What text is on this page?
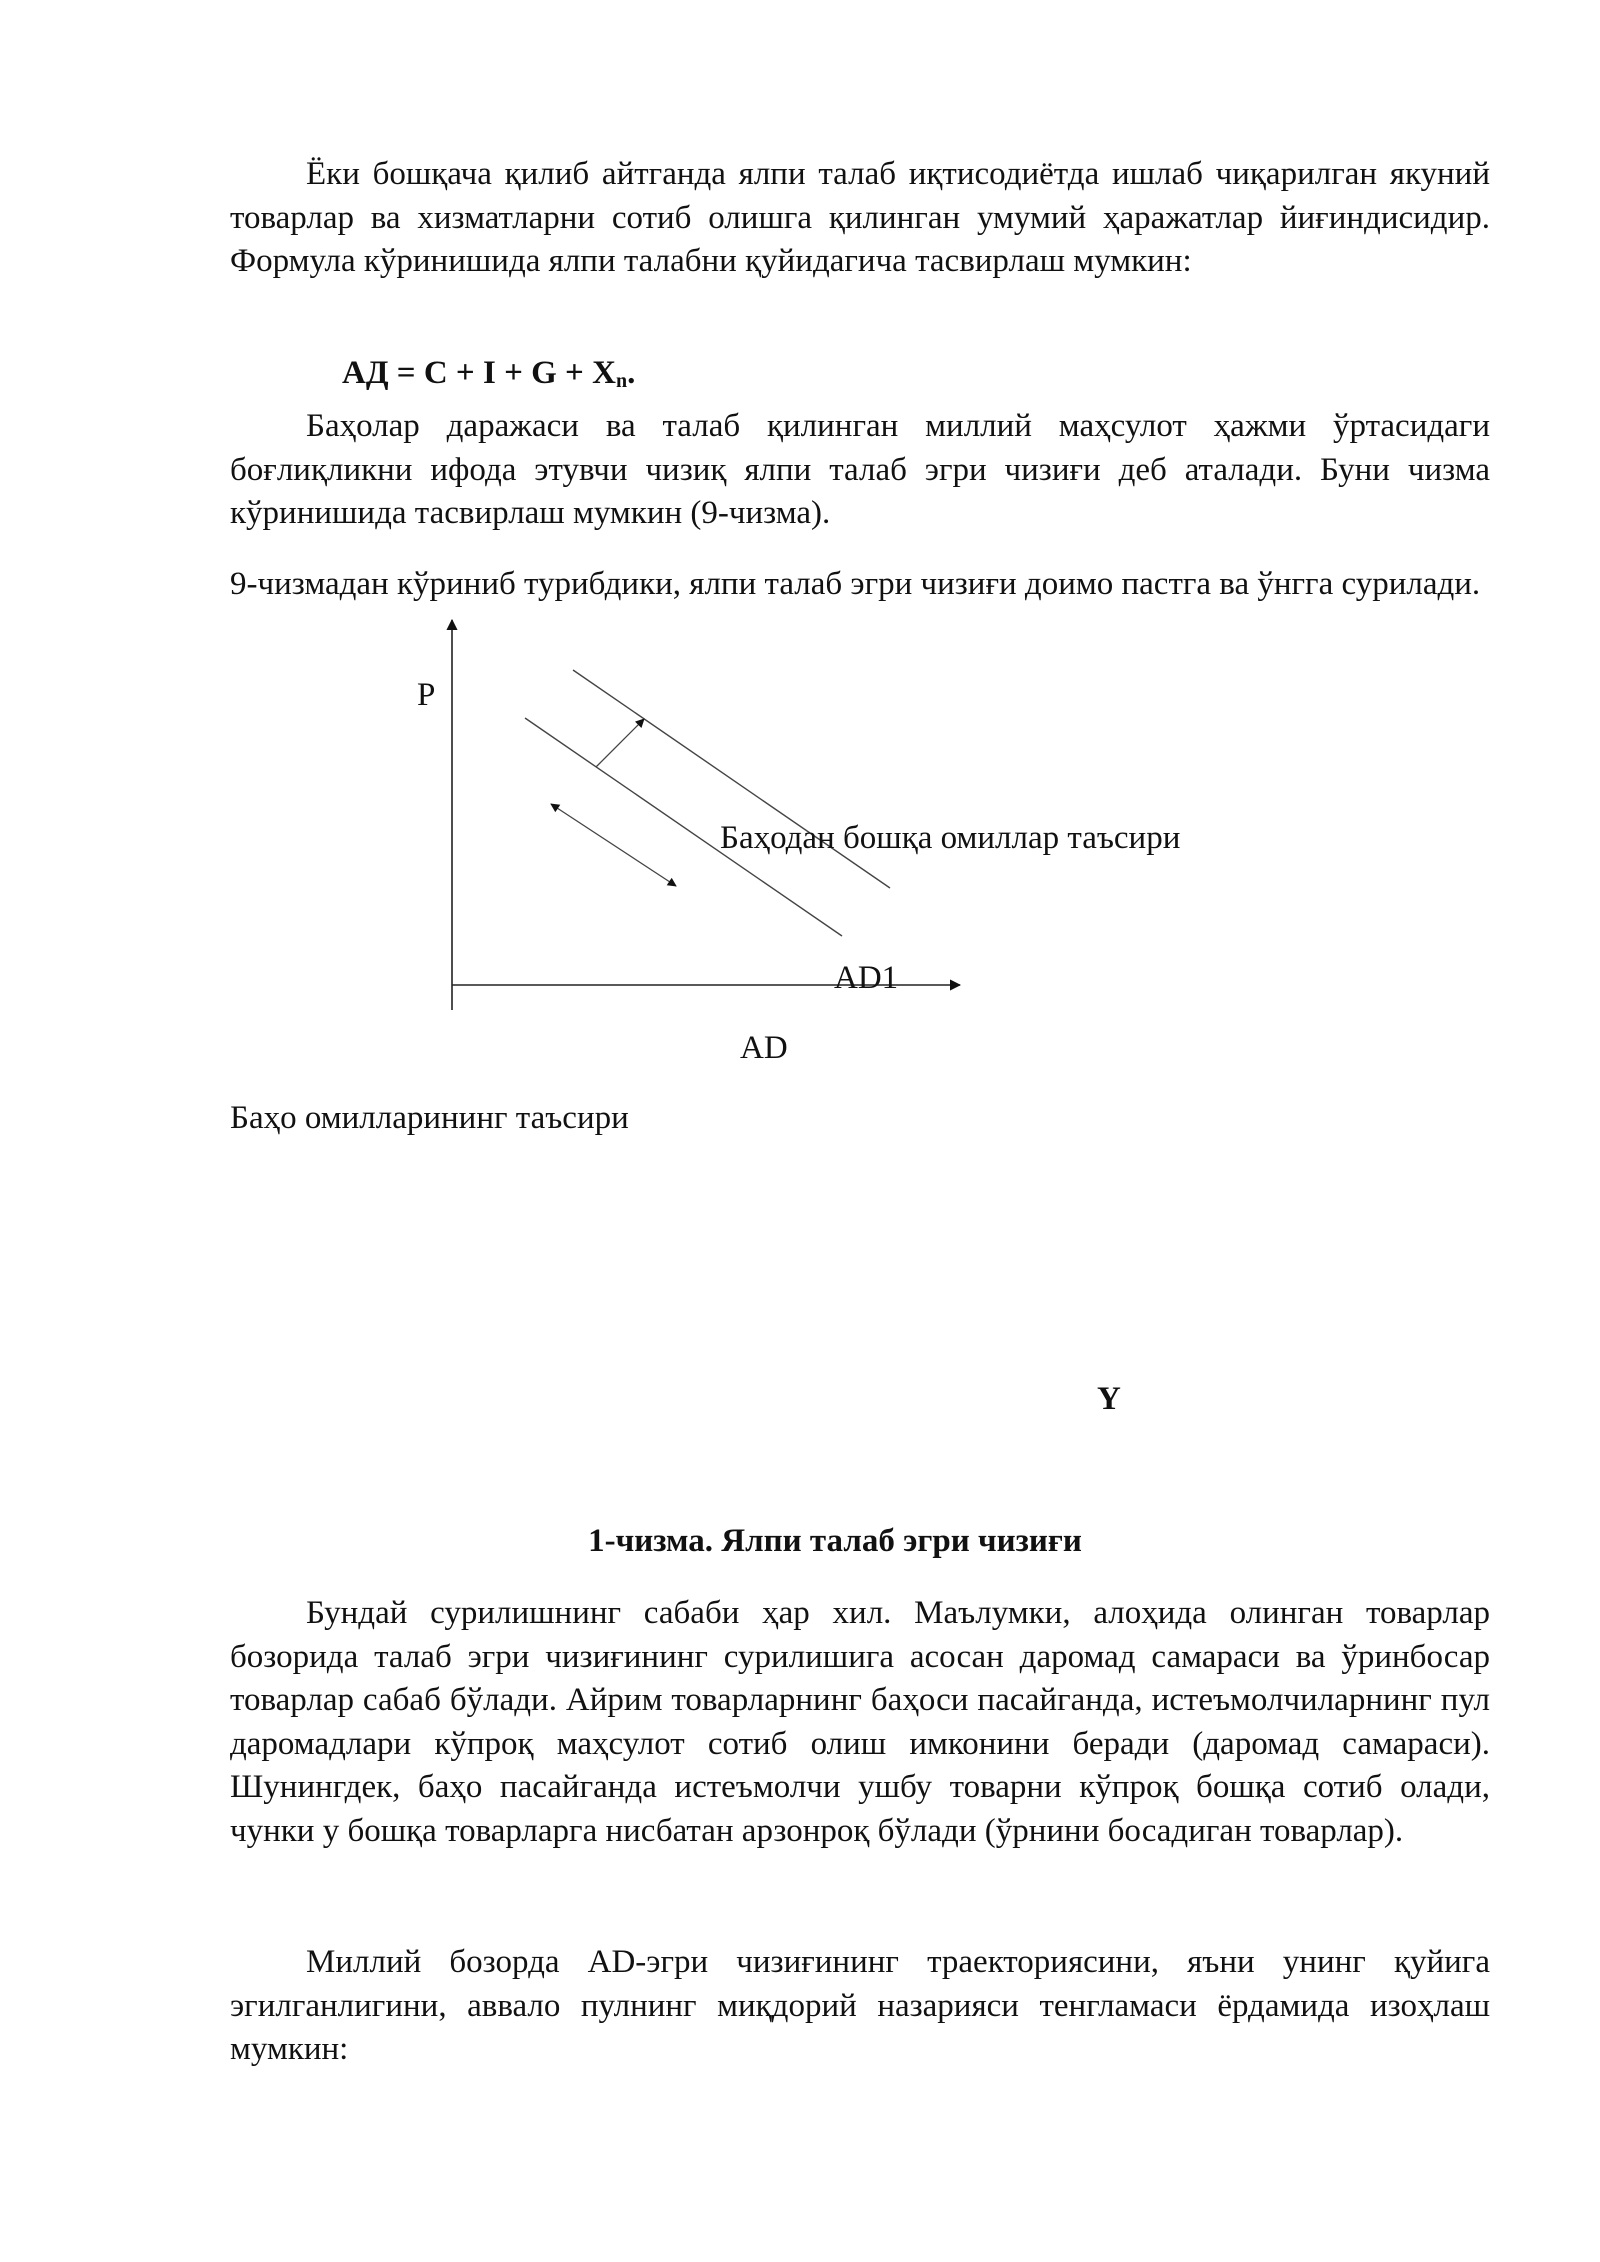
Ёки бошқача қилиб айтганда ялпи талаб иқтисодиётда ишлаб чиқарилган якуний товарлар ва хизматларни сотиб олишга қилинган умумий ҳаражатлар йиғиндисидир. Формула кўринишида ялпи талабни қуйидагича тасвирлаш мумкин:

АД = $C + I + G + X_n$.

Баҳолар даражаси ва талаб қилинган миллий маҳсулот ҳажми ўртасидаги боғлиқликни ифода этувчи чизиқ ялпи талаб эгри чизиғи деб аталади. Буни чизма кўринишида тасвирлаш мумкин (9-чизма).

9-чизмадан кўриниб турибдики, ялпи талаб эгри чизиғи доимо пастга ва ўнгга сурилади.

P

Баҳодан бошқа омиллар таъсири

AD1

AD

Баҳо омилларининг таъсири

Y

1-чизма. Ялпи талаб эгри чизиғи

Бундай сурилишнинг сабаби ҳар хил. Маълумки, алоҳида олинган товарлар бозорида талаб эгри чизиғининг сурилишига асосан даромад самараси ва ўринбосар товарлар сабаб бўлади. Айрим товарларнинг баҳоси пасайганда, истеъмолчиларнинг пул даромадлари кўпроқ маҳсулот сотиб олиш имконини беради (даромад самараси). Шунингдек, баҳо пасайганда истеъмолчи ушбу товарни кўпроқ бошқа сотиб олади, чунки у бошқа товарларга нисбатан арзонроқ бўлади (ўрнини босадиган товарлар).

Миллий бозорда AD-эгри чизиғининг траекториясини, яъни унинг қуйига эгилганлигини, аввало пулнинг миқдорий назарияси тенгламаси ёрдамида изоҳлаш мумкин:
